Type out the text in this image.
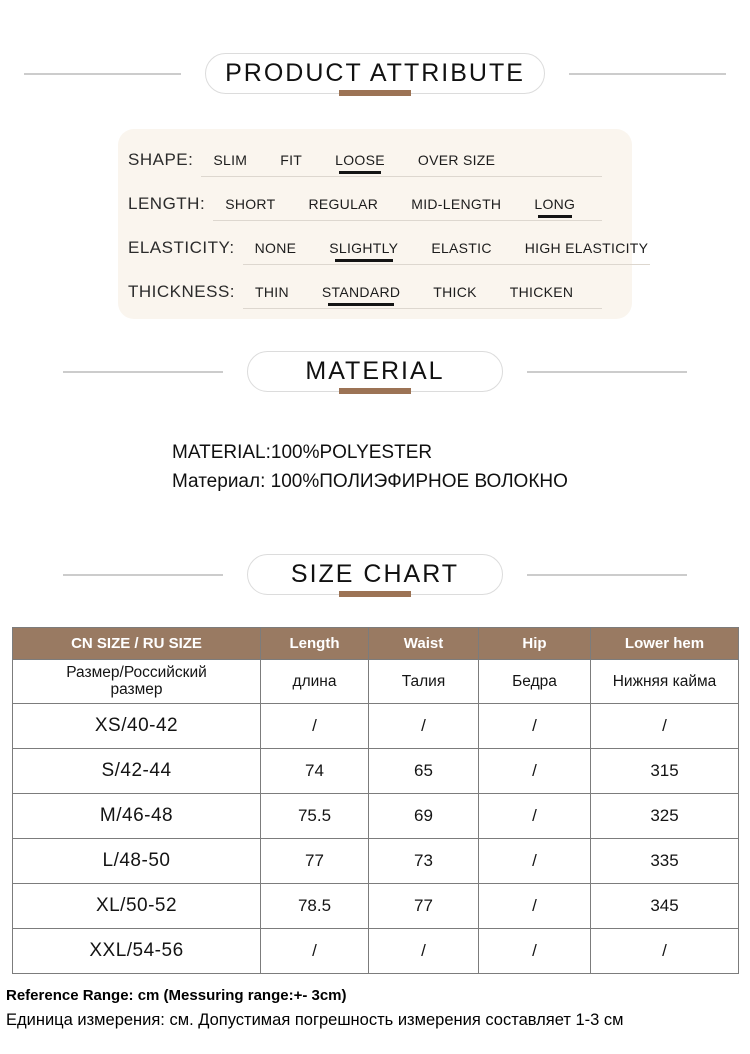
PRODUCT ATTRIBUTE
SHAPE:	SLIM FIT LOOSE OVER SIZE
LENGTH:	SHORT REGULAR MID-LENGTH LONG
ELASTICITY:	NONE SLIGHTLY ELASTIC HIGH ELASTICITY
THICKNESS:	THIN STANDARD THICK THICKEN
MATERIAL
MATERIAL:100%POLYESTER
Материал: 100%ПОЛИЭФИРНОЕ ВОЛОКНО
SIZE CHART
CN SIZE / RU SIZE	Length	Waist	Hip	Lower hem
Размер/Российский размер	длина	Талия	Бедра	Нижняя кайма
XS/40-42	/	/	/	/
S/42-44	74	65	/	315
M/46-48	75.5	69	/	325
L/48-50	77	73	/	335
XL/50-52	78.5	77	/	345
XXL/54-56	/	/	/	/
Reference Range: cm (Messuring range:+- 3cm)
Единица измерения: см. Допустимая погрешность измерения составляет 1-3 см
